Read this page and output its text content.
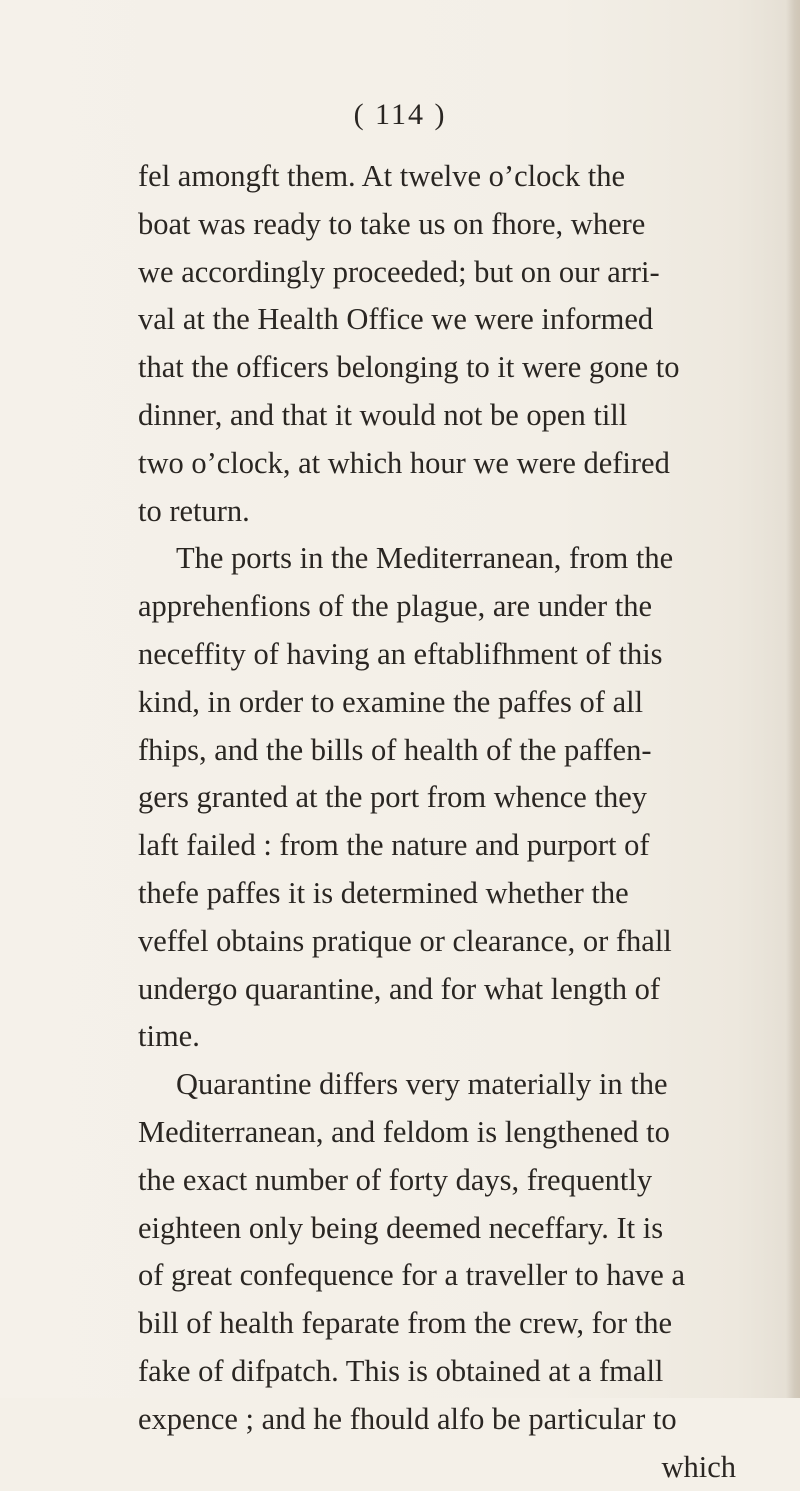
( 114 )
fel amongft them. At twelve o’clock the
boat was ready to take us on fhore, where
we accordingly proceeded; but on our arri-
val at the Health Office we were informed
that the officers belonging to it were gone to
dinner, and that it would not be open till
two o’clock, at which hour we were defired
to return.
The ports in the Mediterranean, from the
apprehenfions of the plague, are under the
neceffity of having an eftablifhment of this
kind, in order to examine the paffes of all
fhips, and the bills of health of the paffen-
gers granted at the port from whence they
laft failed : from the nature and purport of
thefe paffes it is determined whether the
veffel obtains pratique or clearance, or fhall
undergo quarantine, and for what length of
time.
Quarantine differs very materially in the
Mediterranean, and feldom is lengthened to
the exact number of forty days, frequently
eighteen only being deemed neceffary. It is
of great confequence for a traveller to have a
bill of health feparate from the crew, for the
fake of difpatch. This is obtained at a fmall
expence ; and he fhould alfo be particular to
which
